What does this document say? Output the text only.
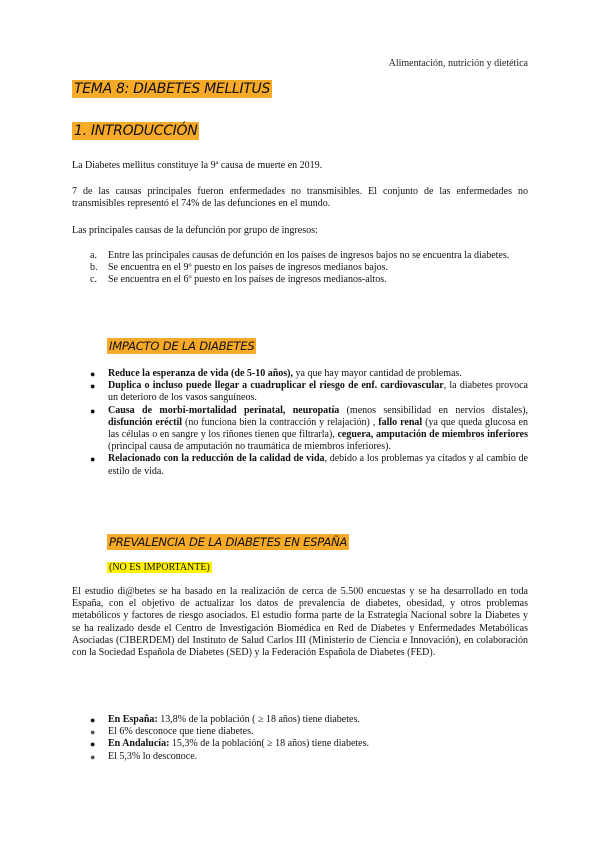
Alimentación, nutrición y dietética
TEMA 8: DIABETES MELLITUS
1. INTRODUCCIÓN

La Diabetes mellitus constituye la 9ª causa de muerte en 2019.

7 de las causas principales fueron enfermedades no transmisibles. El conjunto de las enfermedades no transmisibles representó el 74% de las defunciones en el mundo.

Las principales causas de la defunción por grupo de ingresos:

a. Entre las principales causas de defunción en los países de ingresos bajos no se encuentra la diabetes.
b. Se encuentra en el 9º puesto en los países de ingresos medianos bajos.
c. Se encuentra en el 6º puesto en los países de ingresos medianos-altos.
IMPACTO DE LA DIABETES
● Reduce la esperanza de vida (de 5-10 años), ya que hay mayor cantidad de problemas.
● Duplica o incluso puede llegar a cuadruplicar el riesgo de enf. cardiovascular, la diabetes provoca un deterioro de los vasos sanguíneos.
● Causa de morbi-mortalidad perinatal, neuropatía (menos sensibilidad en nervios distales), disfunción eréctil (no funciona bien la contracción y relajación) , fallo renal (ya que queda glucosa en las células o en sangre y los riñones tienen que filtrarla), ceguera, amputación de miembros inferiores (principal causa de amputación no traumática de miembros inferiores).
● Relacionado con la reducción de la calidad de vida, debido a los problemas ya citados y al cambio de estilo de vida.
PREVALENCIA DE LA DIABETES EN ESPAÑA
(NO ES IMPORTANTE)

El estudio di@betes se ha basado en la realización de cerca de 5.500 encuestas y se ha desarrollado en toda España, con el objetivo de actualizar los datos de prevalencia de diabetes, obesidad, y otros problemas metabólicos y factores de riesgo asociados. El estudio forma parte de la Estrategia Nacional sobre la Diabetes y se ha realizado desde el Centro de Investigación Biomédica en Red de Diabetes y Enfermedades Metabólicas Asociadas (CIBERDEM) del Instituto de Salud Carlos III (Ministerio de Ciencia e Innovación), en colaboración con la Sociedad Española de Diabetes (SED) y la Federación Española de Diabetes (FED).

● En España: 13,8% de la población ( ≥ 18 años) tiene diabetes.
● El 6% desconoce que tiene diabetes.
● En Andalucía: 15,3% de la población( ≥ 18 años) tiene diabetes.
● El 5,3% lo desconoce.
